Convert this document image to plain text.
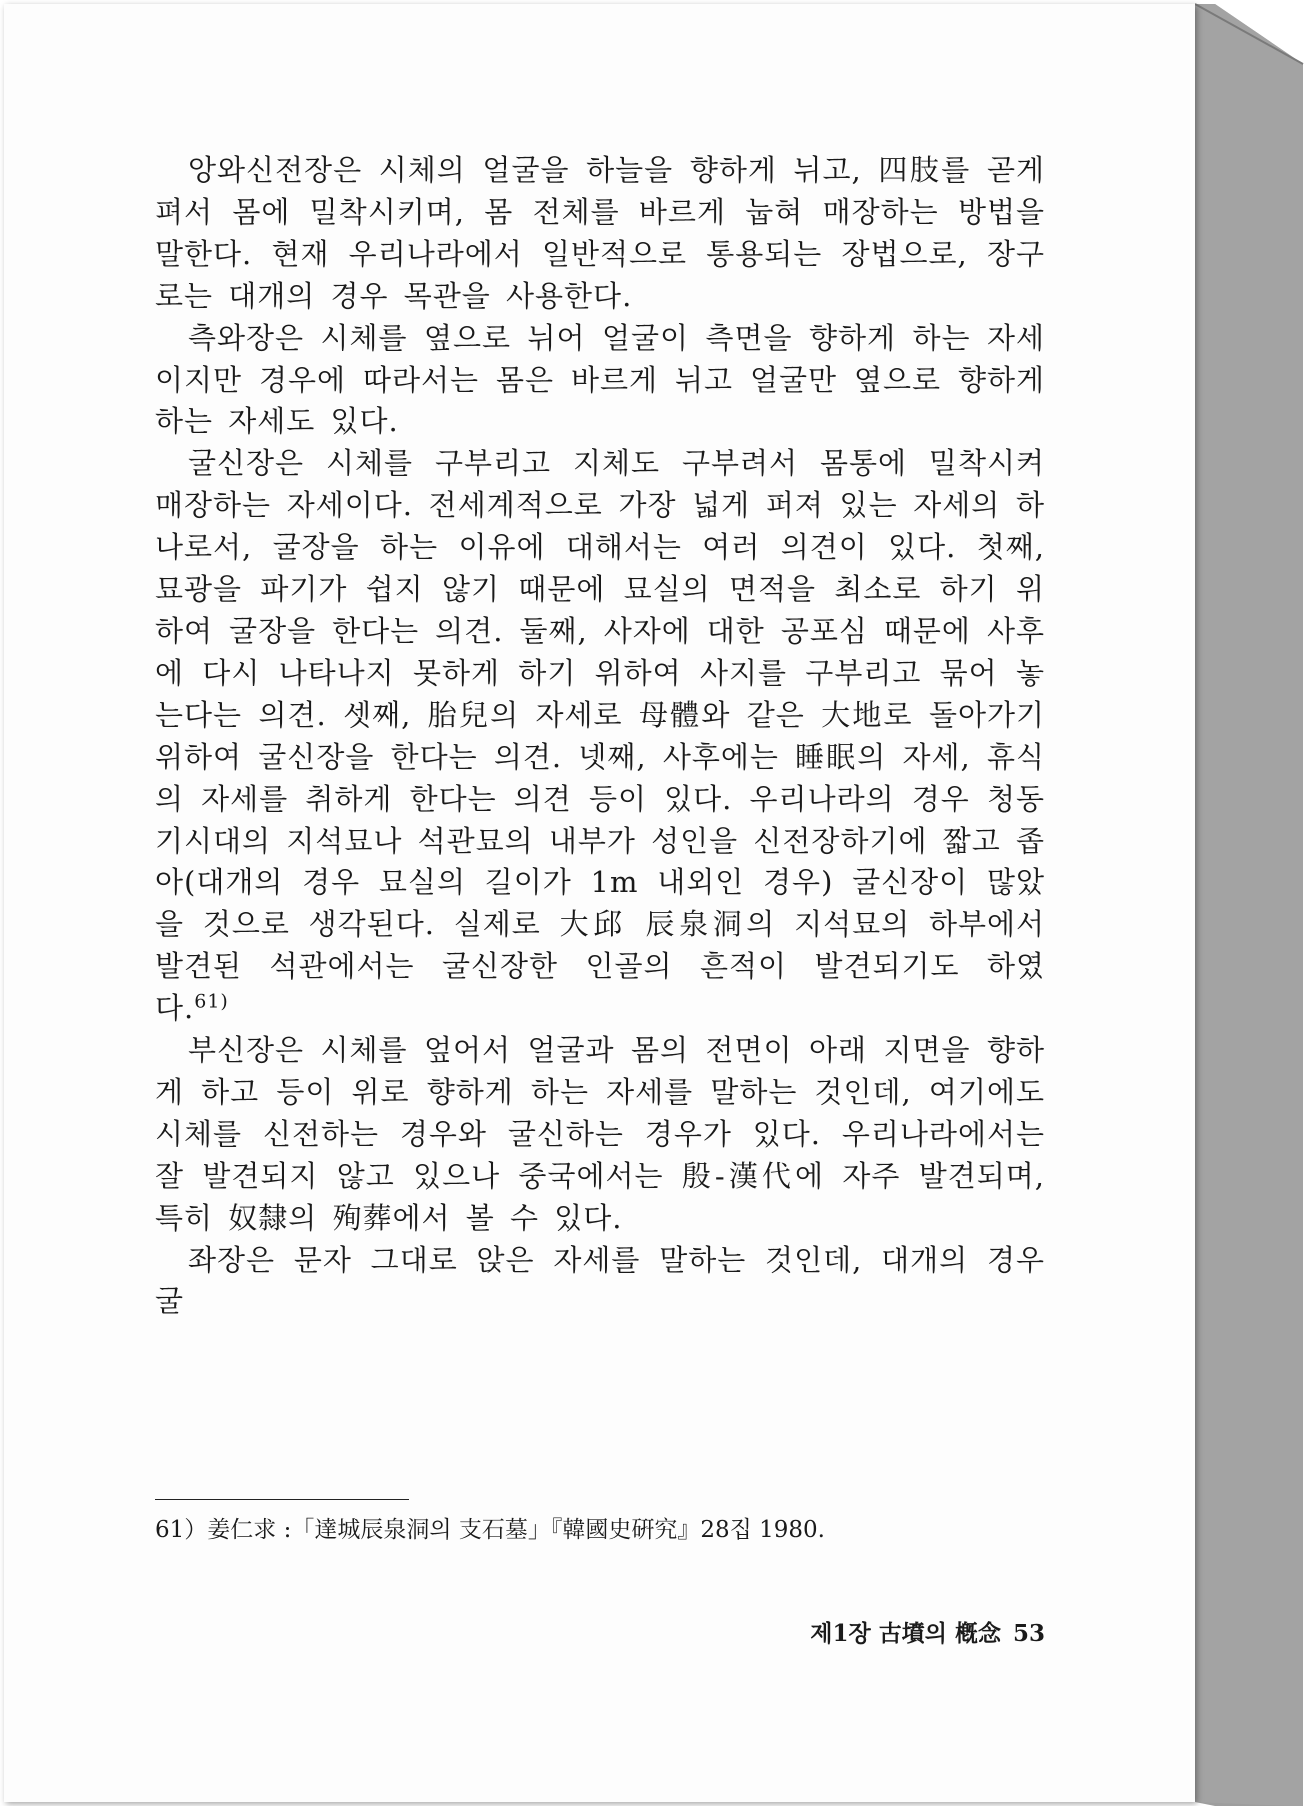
앙와신전장은 시체의 얼굴을 하늘을 향하게 뉘고, 四肢를 곧게 펴서 몸에 밀착시키며, 몸 전체를 바르게 눕혀 매장하는 방법을 말한다. 현재 우리나라에서 일반적으로 통용되는 장법으로, 장구로는 대개의 경우 목관을 사용한다.

측와장은 시체를 옆으로 뉘어 얼굴이 측면을 향하게 하는 자세이지만 경우에 따라서는 몸은 바르게 뉘고 얼굴만 옆으로 향하게 하는 자세도 있다.

굴신장은 시체를 구부리고 지체도 구부려서 몸통에 밀착시켜 매장하는 자세이다. 전세계적으로 가장 넓게 퍼져 있는 자세의 하나로서, 굴장을 하는 이유에 대해서는 여러 의견이 있다. 첫째, 묘광을 파기가 쉽지 않기 때문에 묘실의 면적을 최소로 하기 위하여 굴장을 한다는 의견. 둘째, 사자에 대한 공포심 때문에 사후에 다시 나타나지 못하게 하기 위하여 사지를 구부리고 묶어 놓는다는 의견. 셋째, 胎兒의 자세로 母體와 같은 大地로 돌아가기 위하여 굴신장을 한다는 의견. 넷째, 사후에는 睡眠의 자세, 휴식의 자세를 취하게 한다는 의견 등이 있다. 우리나라의 경우 청동기시대의 지석묘나 석관묘의 내부가 성인을 신전장하기에 짧고 좁아(대개의 경우 묘실의 길이가 1m 내외인 경우) 굴신장이 많았을 것으로 생각된다. 실제로 大邱 辰泉洞의 지석묘의 하부에서 발견된 석관에서는 굴신장한 인골의 흔적이 발견되기도 하였다.$^{61)}$

부신장은 시체를 엎어서 얼굴과 몸의 전면이 아래 지면을 향하게 하고 등이 위로 향하게 하는 자세를 말하는 것인데, 여기에도 시체를 신전하는 경우와 굴신하는 경우가 있다. 우리나라에서는 잘 발견되지 않고 있으나 중국에서는 殷-漢代에 자주 발견되며, 특히 奴隸의 殉葬에서 볼 수 있다.

좌장은 문자 그대로 앉은 자세를 말하는 것인데, 대개의 경우 굴

61）姜仁求 :「達城辰泉洞의 支石墓」『韓國史硏究』28집 1980.

제1장 古墳의 槪念 53
